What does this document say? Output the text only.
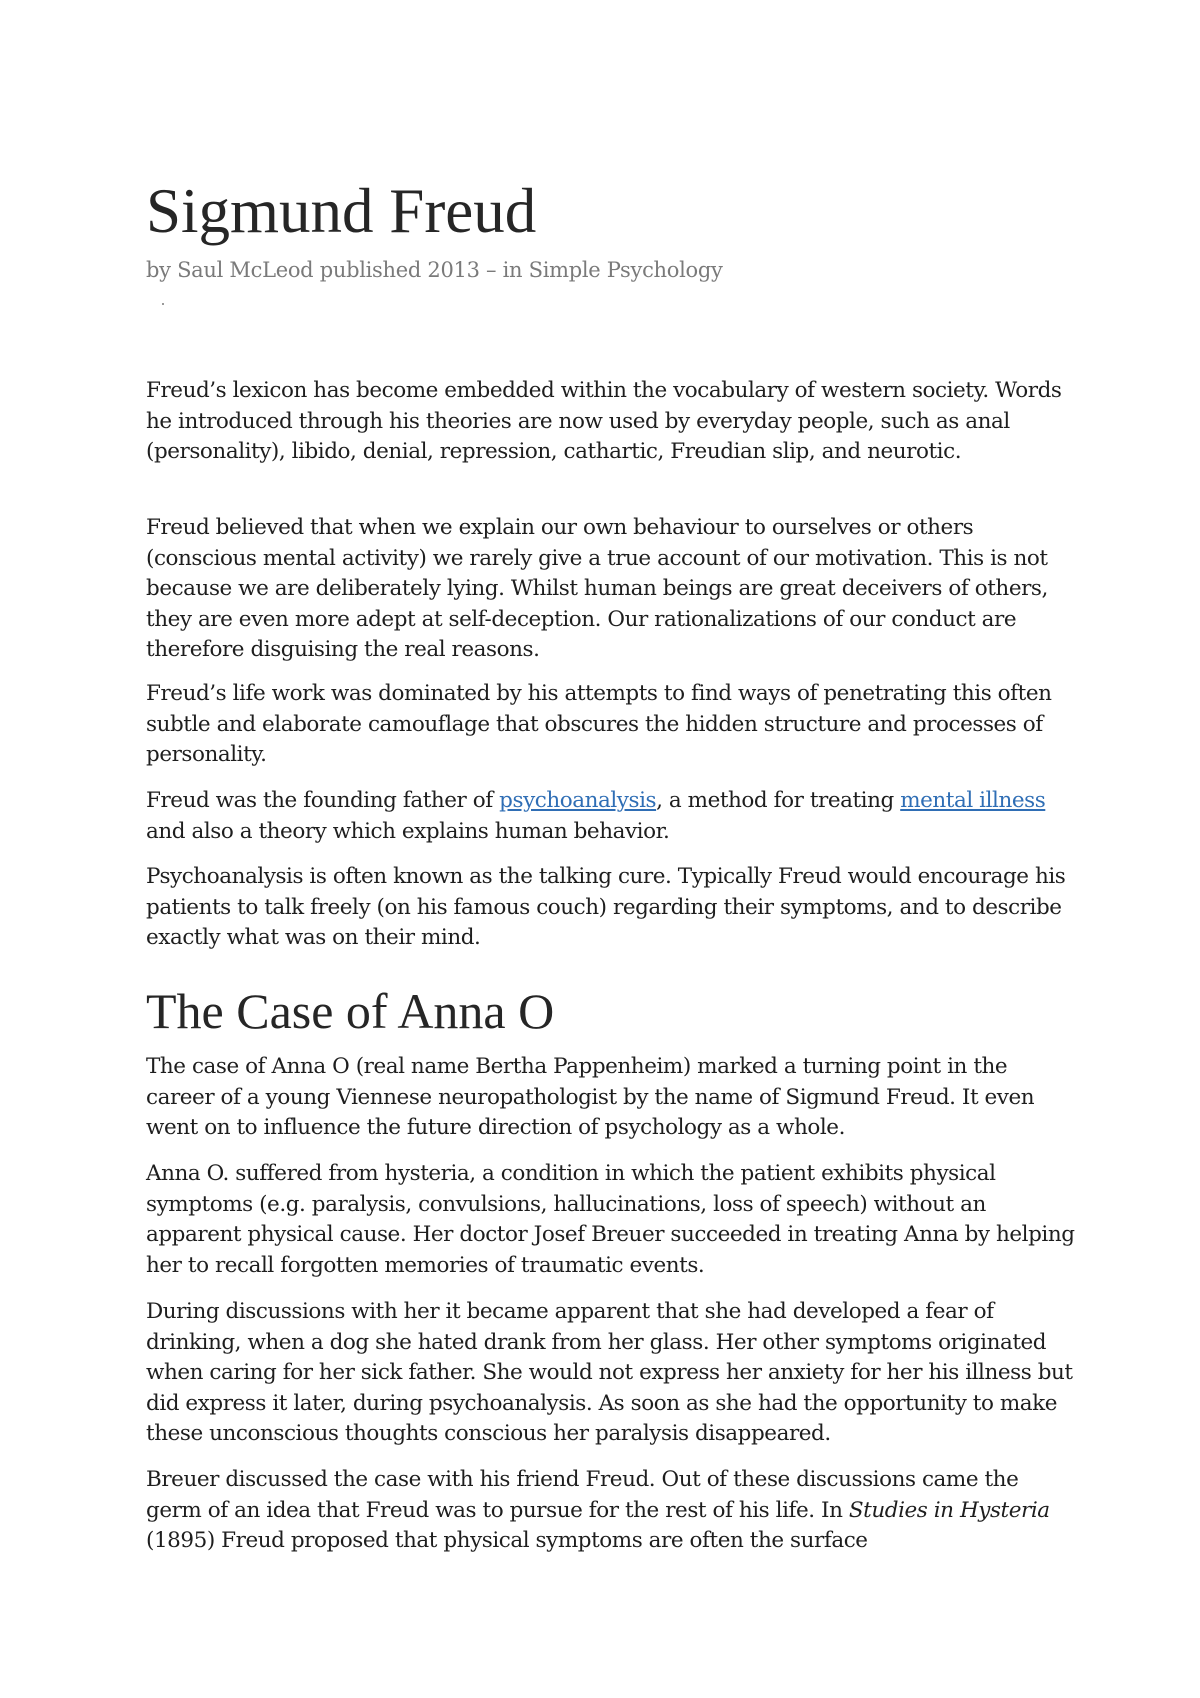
Sigmund Freud

by Saul McLeod published 2013 – in Simple Psychology

Freud’s lexicon has become embedded within the vocabulary of western society. Words he introduced through his theories are now used by everyday people, such as anal (personality), libido, denial, repression, cathartic, Freudian slip, and neurotic.

Freud believed that when we explain our own behaviour to ourselves or others (conscious mental activity) we rarely give a true account of our motivation. This is not because we are deliberately lying. Whilst human beings are great deceivers of others, they are even more adept at self-deception. Our rationalizations of our conduct are therefore disguising the real reasons.

Freud’s life work was dominated by his attempts to find ways of penetrating this often subtle and elaborate camouflage that obscures the hidden structure and processes of personality.

Freud was the founding father of psychoanalysis, a method for treating mental illness and also a theory which explains human behavior.

Psychoanalysis is often known as the talking cure. Typically Freud would encourage his patients to talk freely (on his famous couch) regarding their symptoms, and to describe exactly what was on their mind.

The Case of Anna O

The case of Anna O (real name Bertha Pappenheim) marked a turning point in the career of a young Viennese neuropathologist by the name of Sigmund Freud. It even went on to influence the future direction of psychology as a whole.

Anna O. suffered from hysteria, a condition in which the patient exhibits physical symptoms (e.g. paralysis, convulsions, hallucinations, loss of speech) without an apparent physical cause. Her doctor Josef Breuer succeeded in treating Anna by helping her to recall forgotten memories of traumatic events.

During discussions with her it became apparent that she had developed a fear of drinking, when a dog she hated drank from her glass. Her other symptoms originated when caring for her sick father. She would not express her anxiety for her his illness but did express it later, during psychoanalysis. As soon as she had the opportunity to make these unconscious thoughts conscious her paralysis disappeared.

Breuer discussed the case with his friend Freud. Out of these discussions came the germ of an idea that Freud was to pursue for the rest of his life. In Studies in Hysteria (1895) Freud proposed that physical symptoms are often the surface
